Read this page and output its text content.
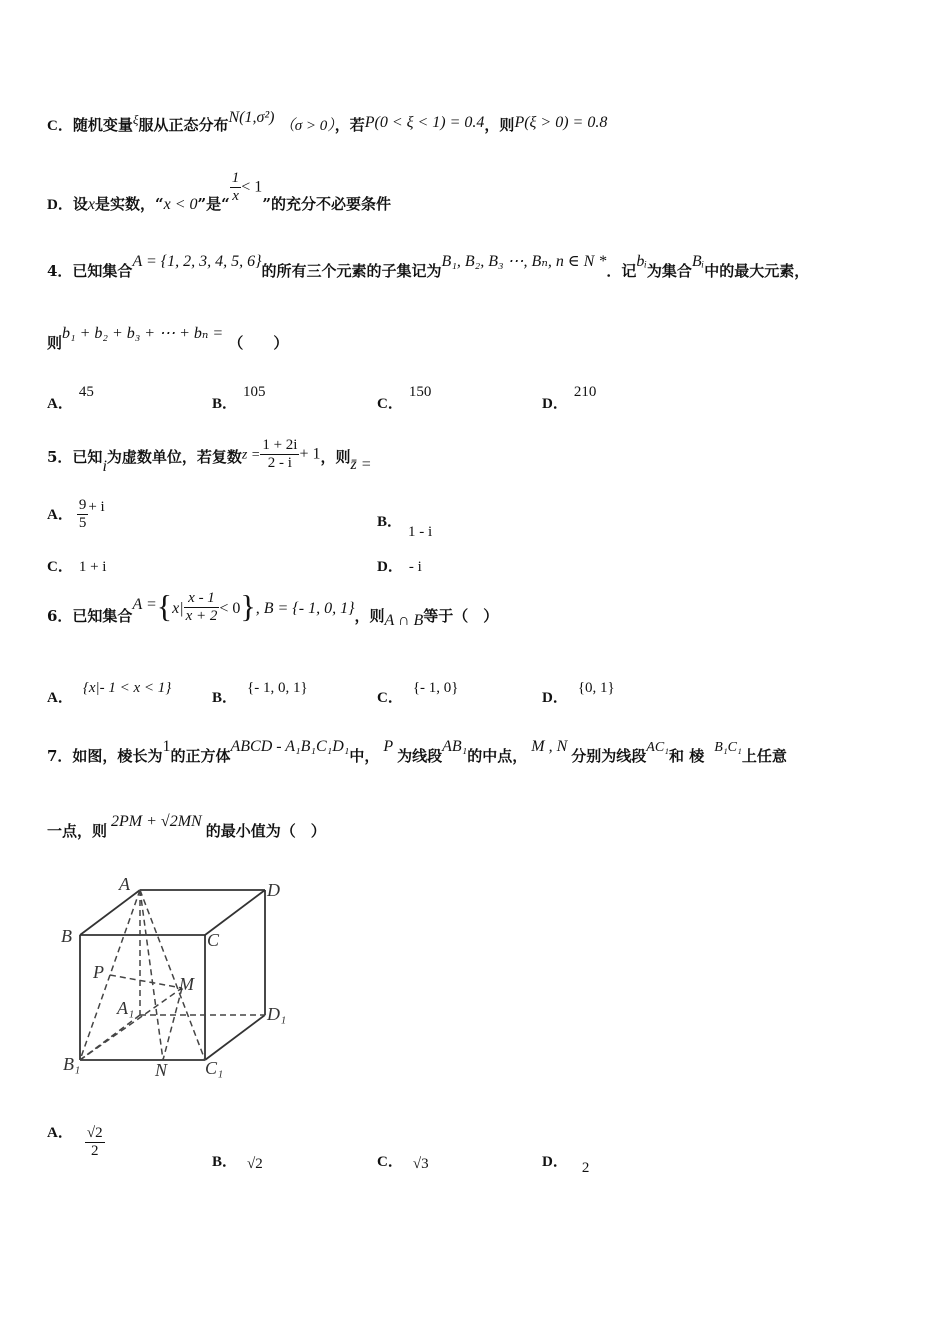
C．随机变量ξ服从正态分布N(1,σ²) （σ > 0），若P(0 < ξ < 1) = 0.4，则P(ξ > 0) = 0.8
D．设x是实数，“x < 0”是“ $\frac{1}{x} < 1$”的充分不必要条件
4．已知集合A = {1, 2, 3, 4, 5, 6}的所有三个元素的子集记为B₁, B₂, B₃ ⋯, Bₙ, n ∈ N *．记bᵢ为集合Bᵢ中的最大元素，
则b₁ + b₂ + b₃ + ⋯ + bₙ = （　　）
A．45
B．105
C．150
D．210
5．已知i为虚数单位，若复数$z = \frac{1 + 2i}{2 - i} + 1$，则z̄ =
A． $\frac{9}{5} + i$
B．1 - i
C． 1 + i	D． - i
6．已知集合$A =\{x| \frac{x - 1}{x + 2} < 0\}$, B = {- 1, 0, 1}，则A ∩ B等于（　）
A．{x|- 1 < x < 1}
B．{- 1, 0, 1}
C．{- 1, 0}
D．{0, 1}
7．如图，棱长为1的正方体ABCD - A₁B₁C₁D₁中，P为线段AB₁的中点，M , N分别为线段AC₁和 棱 B₁C₁上任意
一点，则2PM + √2MN的最小值为（　）
A
B	C
D
A₁
B₁	C₁
D₁
P
M
N
A． $\frac{√2}{2}$
B． √2	C． √3	D． 2
